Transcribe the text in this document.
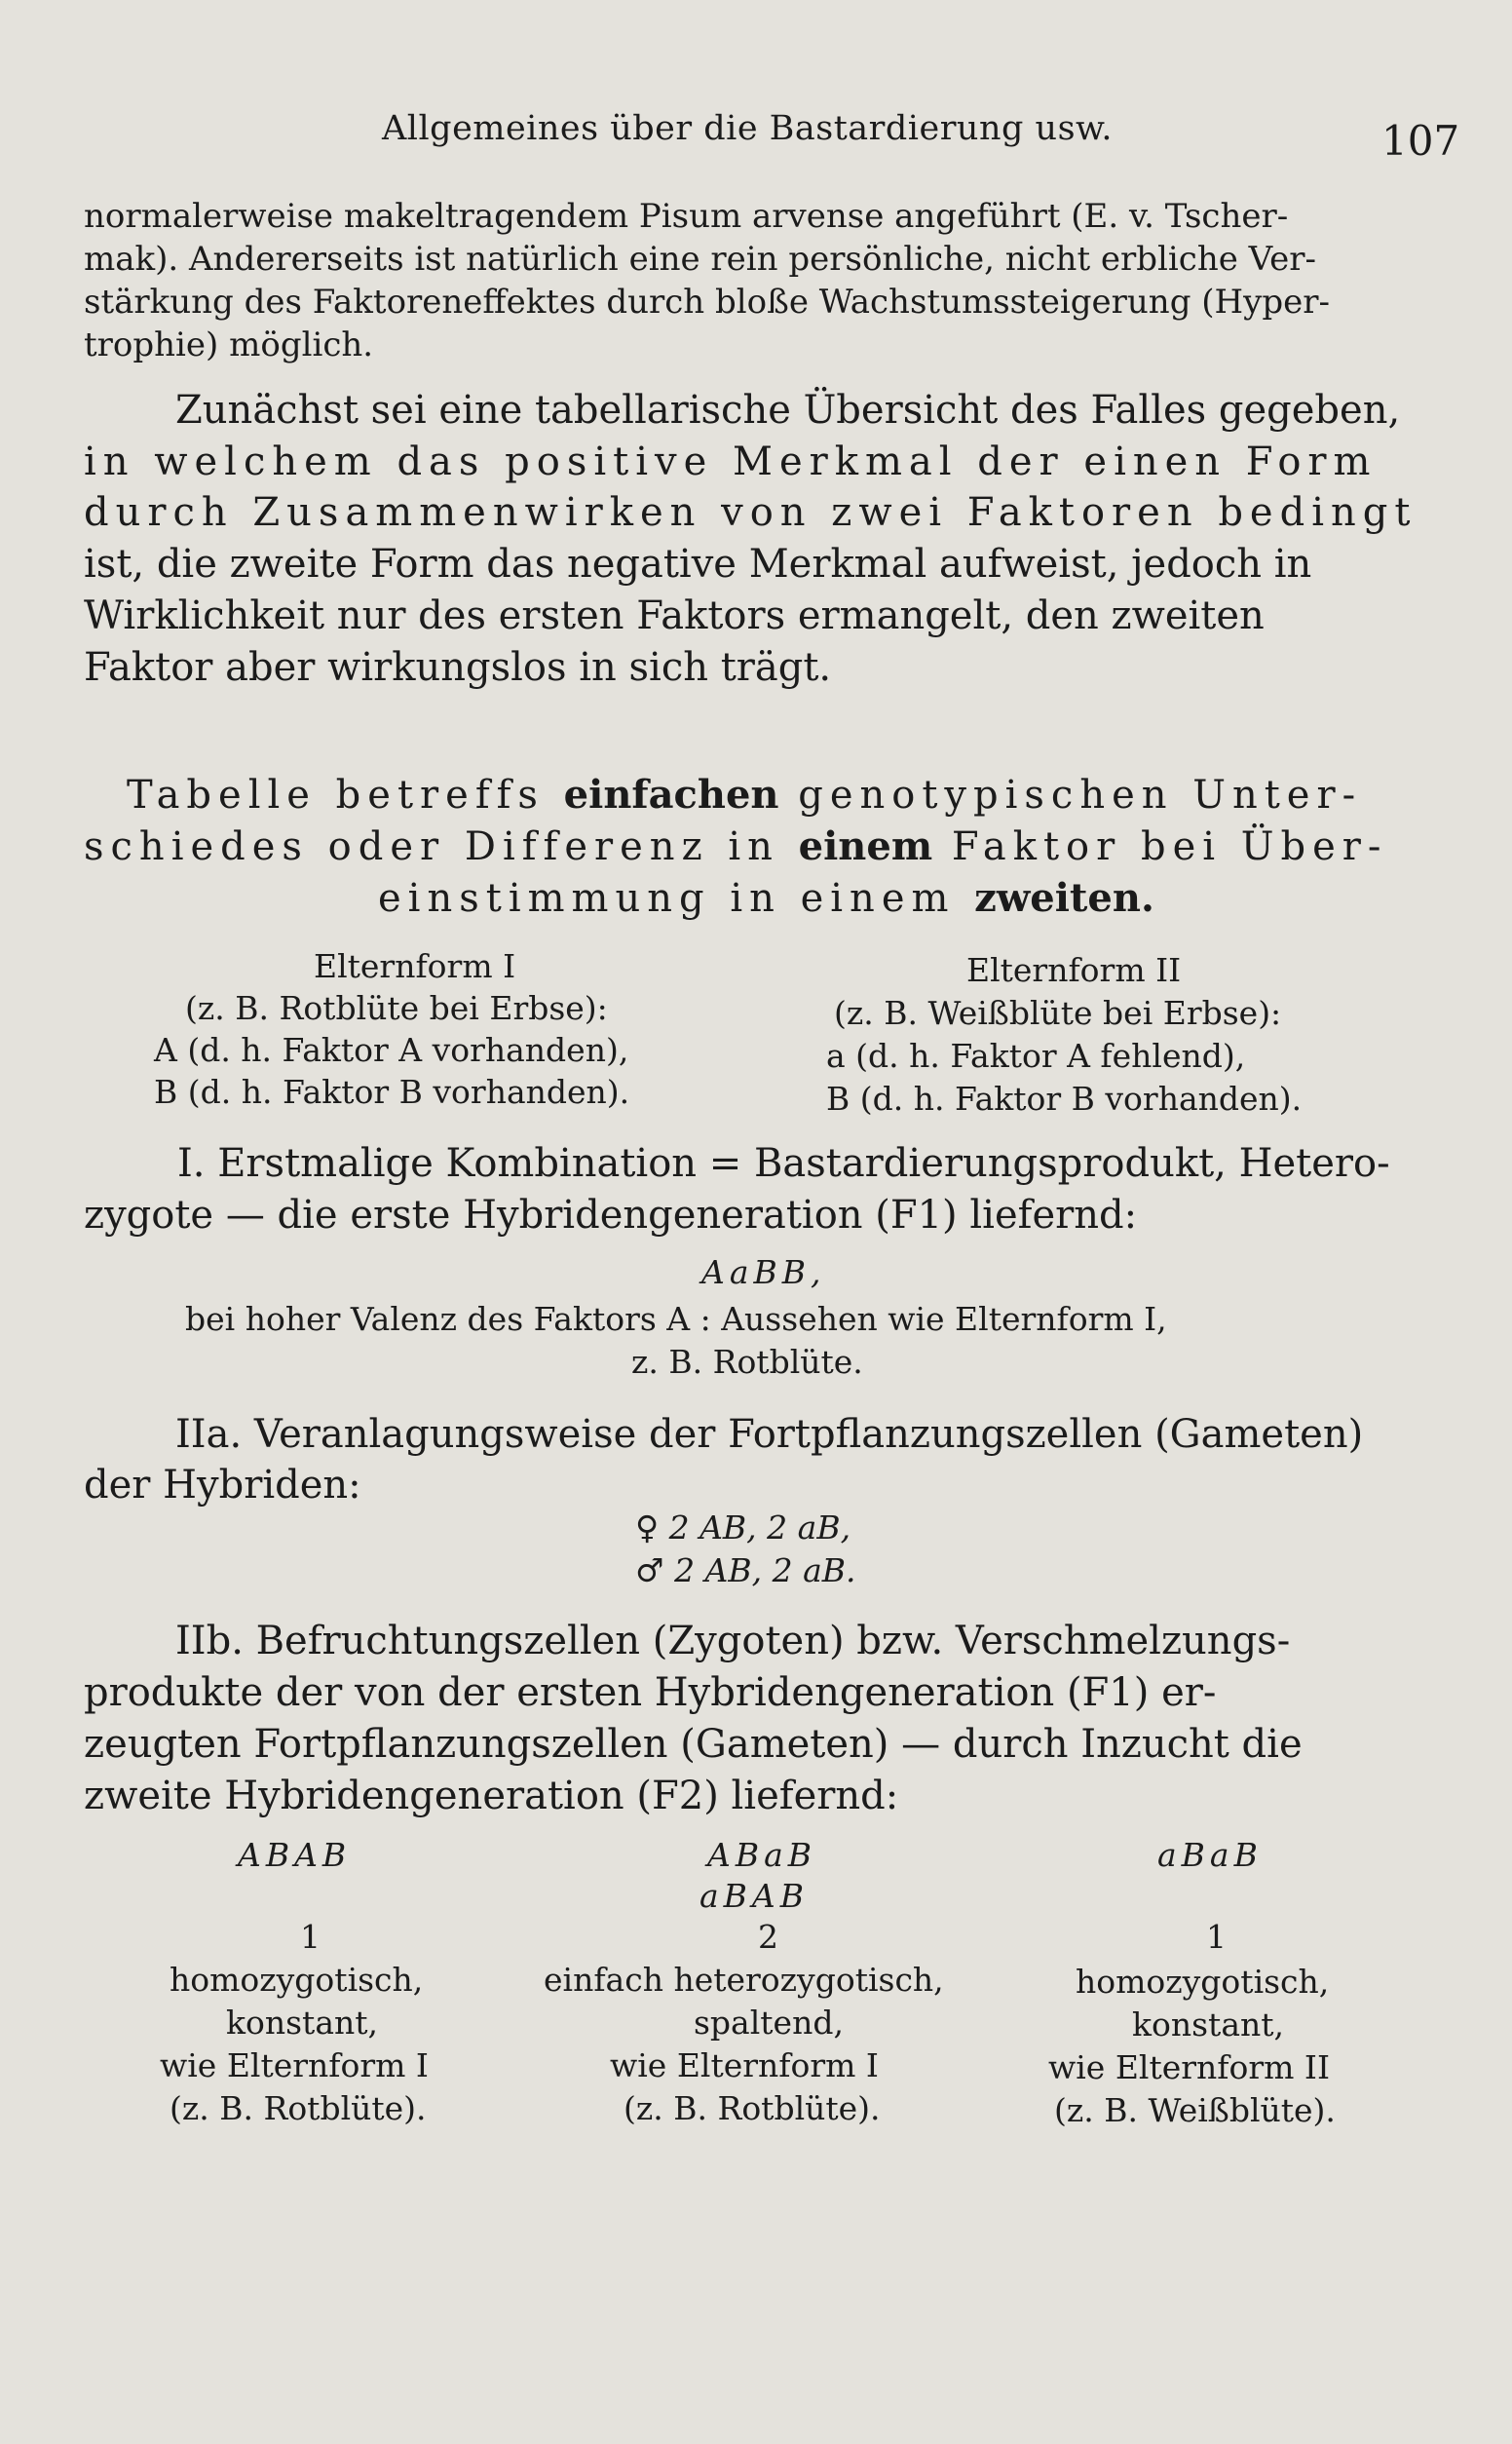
Allgemeines über die Bastardierung usw.	107
normalerweise makeltragendem Pisum arvense angeführt (E. v. Tscher-
mak). Andererseits ist natürlich eine rein persönliche, nicht erbliche Ver-
stärkung des Faktoreneffektes durch bloße Wachstumssteigerung (Hyper-
trophie) möglich.
Zunächst sei eine tabellarische Übersicht des Falles gegeben,
in welchem das positive Merkmal der einen Form
durch Zusammenwirken von zwei Faktoren bedingt
ist, die zweite Form das negative Merkmal aufweist, jedoch in
Wirklichkeit nur des ersten Faktors ermangelt, den zweiten
Faktor aber wirkungslos in sich trägt.
Tabelle betreffs einfachen genotypischen Unter-
schiedes oder Differenz in einem Faktor bei Über-
einstimmung in einem zweiten.
Elternform I
(z. B. Rotblüte bei Erbse):
A (d. h. Faktor A vorhanden),
B (d. h. Faktor B vorhanden).
Elternform II
(z. B. Weißblüte bei Erbse):
a (d. h. Faktor A fehlend),
B (d. h. Faktor B vorhanden).
I. Erstmalige Kombination = Bastardierungsprodukt, Hetero-
zygote — die erste Hybridengeneration (F1) liefernd:
AaBB,
bei hoher Valenz des Faktors A : Aussehen wie Elternform I,
z. B. Rotblüte.
IIa. Veranlagungsweise der Fortpflanzungszellen (Gameten)
der Hybriden:
♀ 2 AB, 2 aB,
♂ 2 AB, 2 aB.
IIb. Befruchtungszellen (Zygoten) bzw. Verschmelzungs-
produkte der von der ersten Hybridengeneration (F1) er-
zeugten Fortpflanzungszellen (Gameten) — durch Inzucht die
zweite Hybridengeneration (F2) liefernd:
ABAB
1
homozygotisch,
konstant,
wie Elternform I
(z. B. Rotblüte).
ABaB
aBAB
2
einfach heterozygotisch,
spaltend,
wie Elternform I
(z. B. Rotblüte).
aBaB
1
homozygotisch,
konstant,
wie Elternform II
(z. B. Weißblüte).
